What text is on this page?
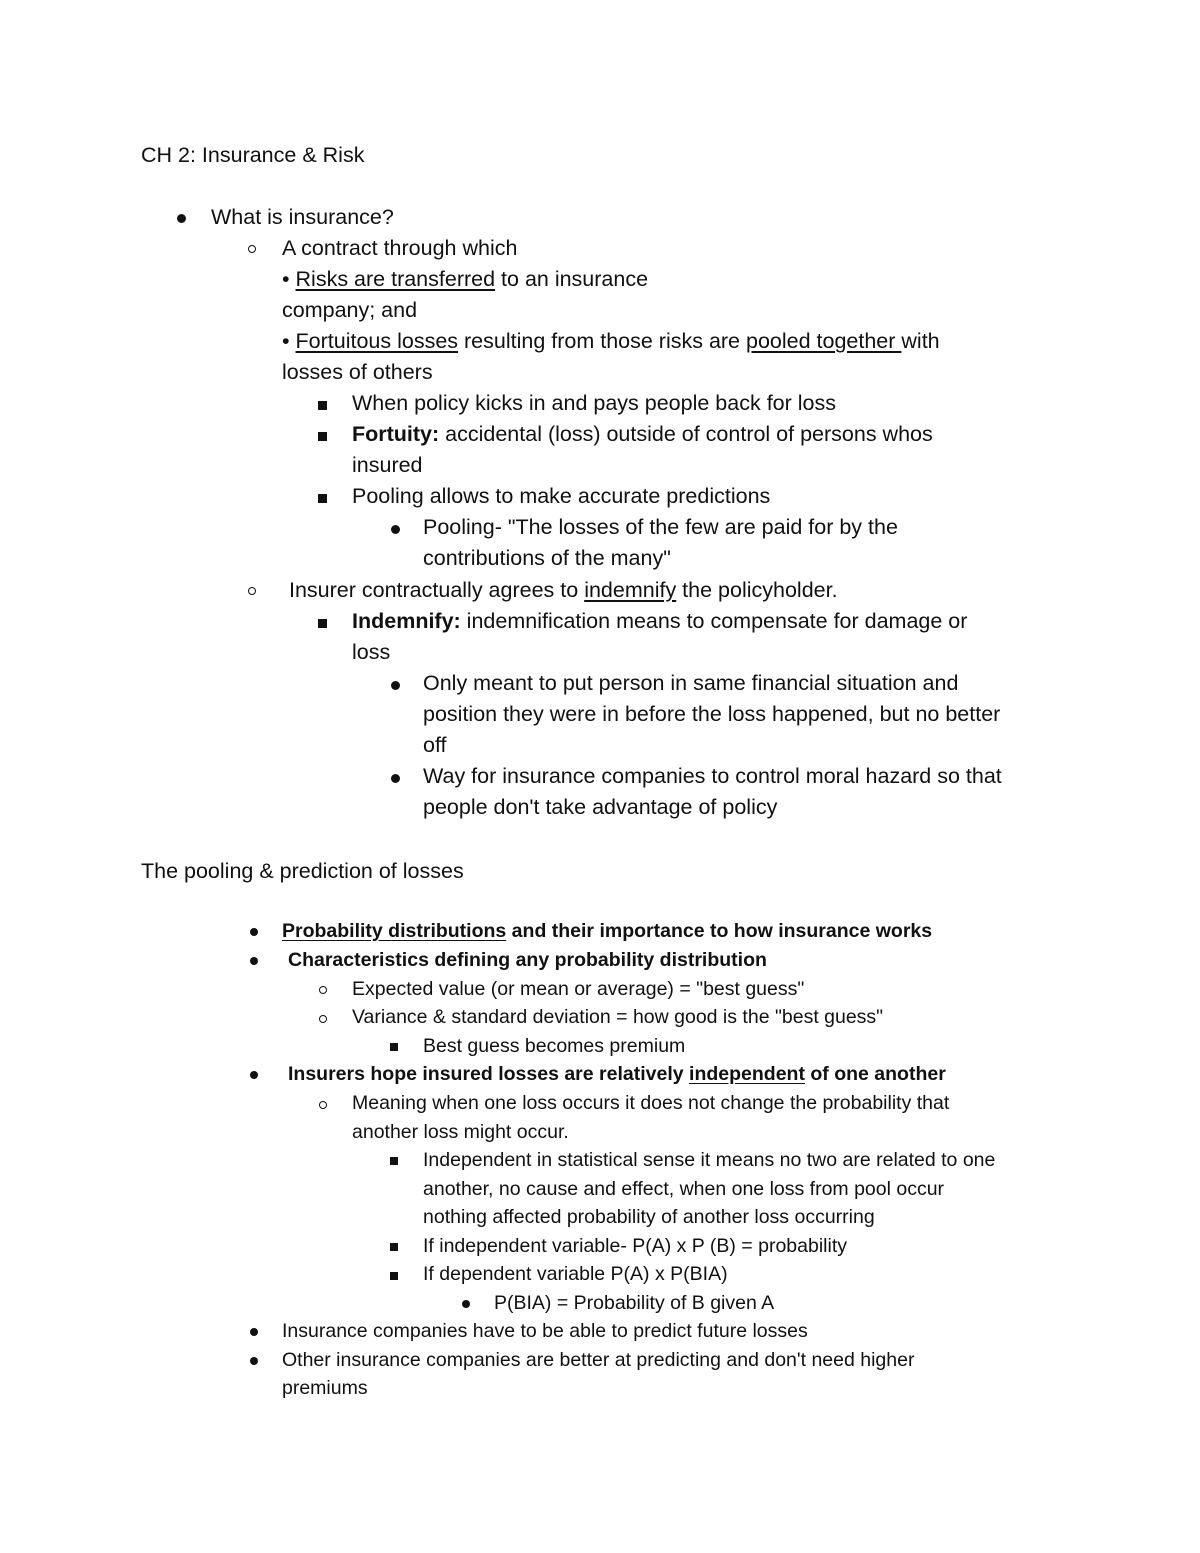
CH 2: Insurance & Risk
What is insurance?
A contract through which
• Risks are transferred to an insurance
company; and
• Fortuitous losses resulting from those risks are pooled together with
losses of others
When policy kicks in and pays people back for loss
Fortuity: accidental (loss) outside of control of persons whos
insured
Pooling allows to make accurate predictions
Pooling- "The losses of the few are paid for by the
contributions of the many"
Insurer contractually agrees to indemnify the policyholder.
Indemnify: indemnification means to compensate for damage or
loss
Only meant to put person in same financial situation and
position they were in before the loss happened, but no better
off
Way for insurance companies to control moral hazard so that
people don't take advantage of policy
The pooling & prediction of losses
Probability distributions and their importance to how insurance works
Characteristics defining any probability distribution
Expected value (or mean or average) = "best guess"
Variance & standard deviation = how good is the "best guess"
Best guess becomes premium
Insurers hope insured losses are relatively independent of one another
Meaning when one loss occurs it does not change the probability that
another loss might occur.
Independent in statistical sense it means no two are related to one
another, no cause and effect, when one loss from pool occur
nothing affected probability of another loss occurring
If independent variable- P(A) x P (B) = probability
If dependent variable P(A) x P(BIA)
P(BIA) = Probability of B given A
Insurance companies have to be able to predict future losses
Other insurance companies are better at predicting and don't need higher
premiums
